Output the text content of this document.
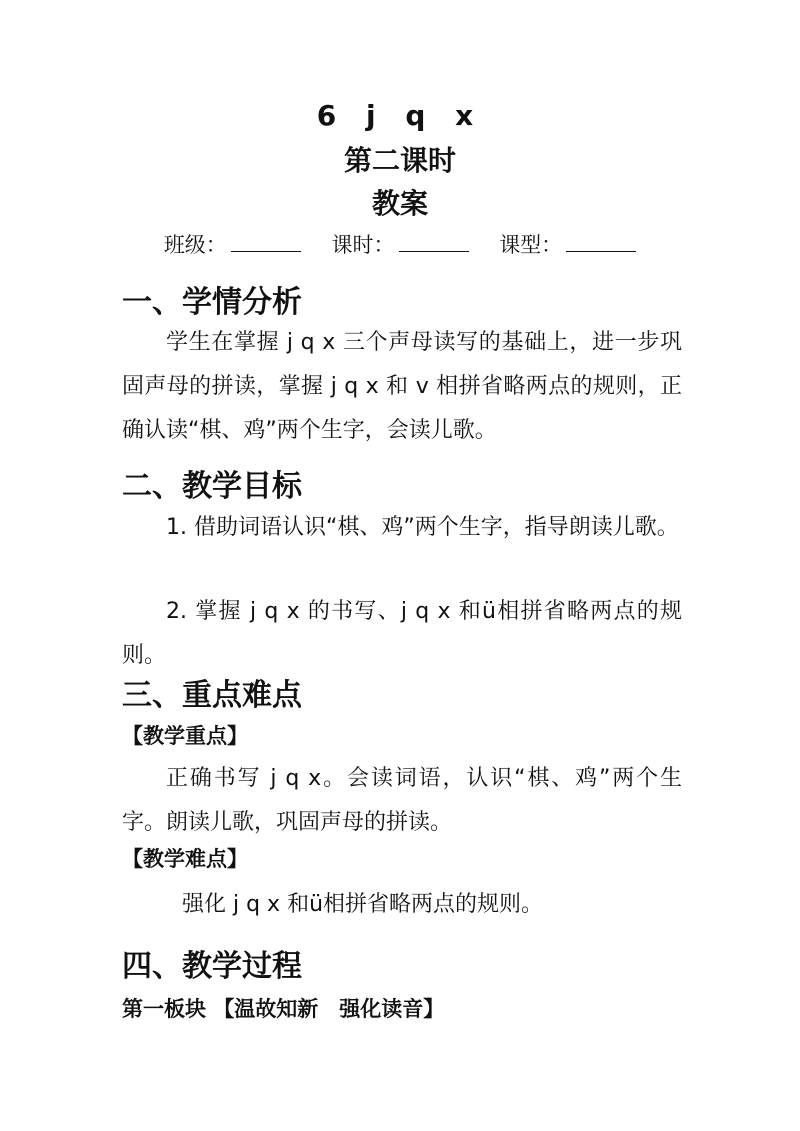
6 j q x
第二课时
教案
班级：	课时：	课型：
一、学情分析

学生在掌握 j q x 三个声母读写的基础上，进一步巩固声母的拼读，掌握 j q x 和 v 相拼省略两点的规则，正确认读“棋、鸡”两个生字，会读儿歌。

二、教学目标

1. 借助词语认识“棋、鸡”两个生字，指导朗读儿歌。

2. 掌握 j q x 的书写、j q x 和ü相拼省略两点的规则。

三、重点难点
【教学重点】

正确书写 j q x。会读词语，认识“棋、鸡”两个生字。朗读儿歌，巩固声母的拼读。

【教学难点】

强化 j q x 和ü相拼省略两点的规则。

四、教学过程
第一板块 【温故知新　强化读音】
